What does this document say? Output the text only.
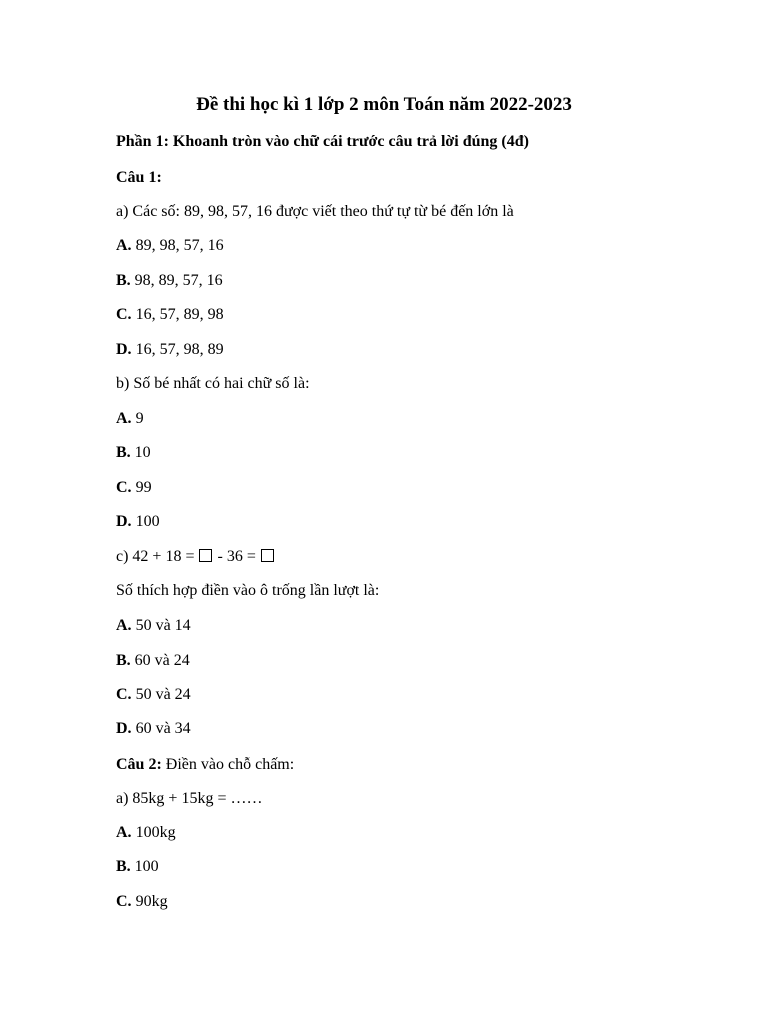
Đề thi học kì 1 lớp 2 môn Toán năm 2022-2023
Phần 1: Khoanh tròn vào chữ cái trước câu trả lời đúng (4đ)
Câu 1:
a) Các số: 89, 98, 57, 16 được viết theo thứ tự từ bé đến lớn là
A. 89, 98, 57, 16
B. 98, 89, 57, 16
C. 16, 57, 89, 98
D. 16, 57, 98, 89
b) Số bé nhất có hai chữ số là:
A. 9
B. 10
C. 99
D. 100
c) 42 + 18 =  - 36 =
Số thích hợp điền vào ô trống lần lượt là:
A. 50 và 14
B. 60 và 24
C. 50 và 24
D. 60 và 34
Câu 2: Điền vào chỗ chấm:
a) 85kg + 15kg = ……
A. 100kg
B. 100
C. 90kg
